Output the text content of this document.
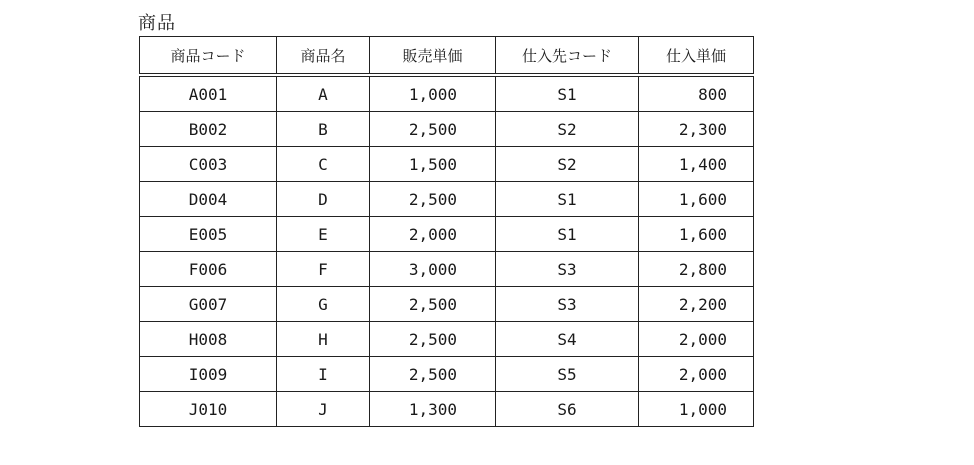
商品
商品コード	商品名	販売単価	仕入先コード	仕入単価
A001	A	1,000	S1	800
B002	B	2,500	S2	2,300
C003	C	1,500	S2	1,400
D004	D	2,500	S1	1,600
E005	E	2,000	S1	1,600
F006	F	3,000	S3	2,800
G007	G	2,500	S3	2,200
H008	H	2,500	S4	2,000
I009	I	2,500	S5	2,000
J010	J	1,300	S6	1,000
